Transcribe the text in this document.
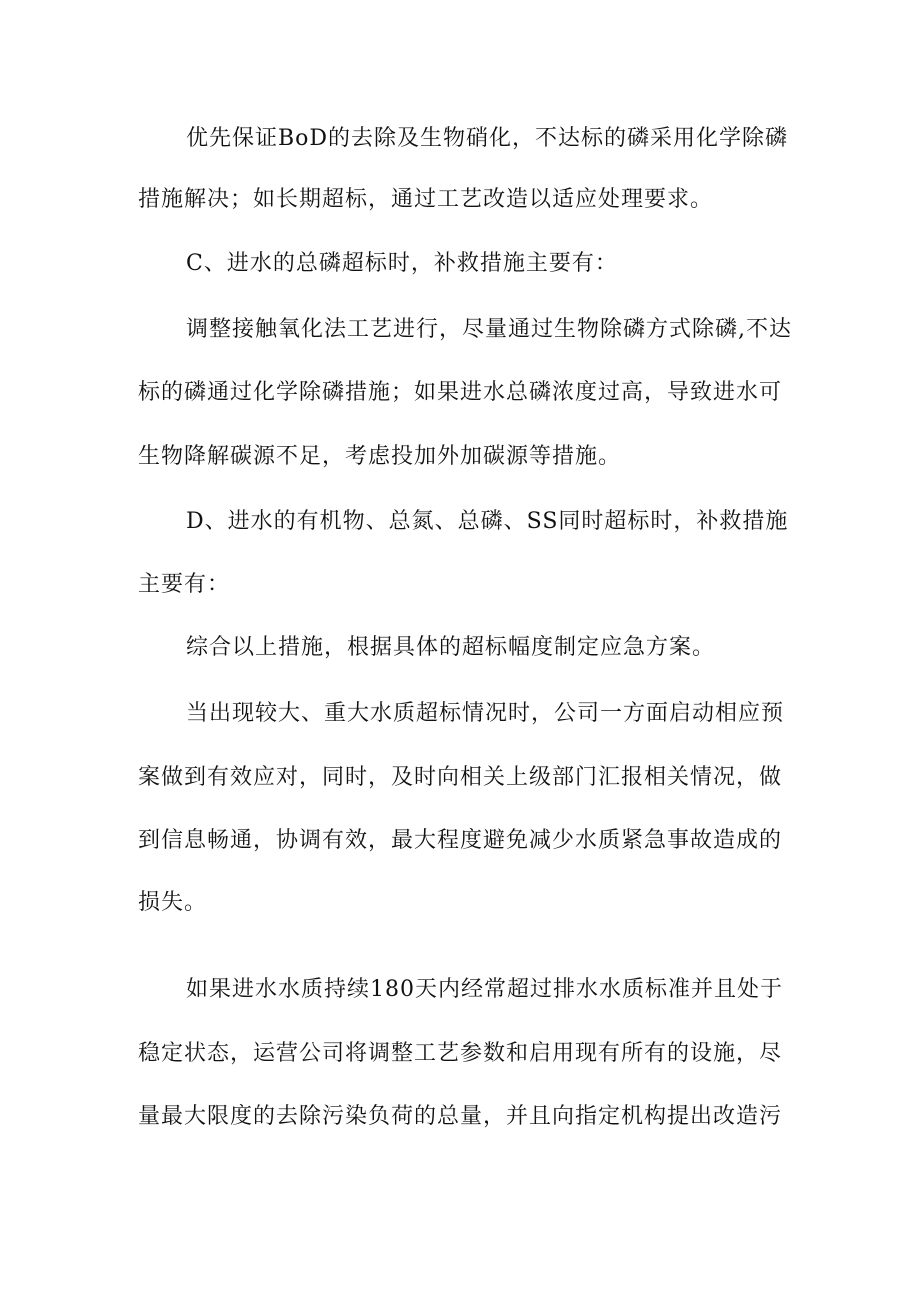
优先保证BoD的去除及生物硝化，不达标的磷采用化学除磷

措施解决；如长期超标，通过工艺改造以适应处理要求。

C、进水的总磷超标时，补救措施主要有：

调整接触氧化法工艺进行，尽量通过生物除磷方式除磷,不达

标的磷通过化学除磷措施；如果进水总磷浓度过高，导致进水可

生物降解碳源不足，考虑投加外加碳源等措施。

D、进水的有机物、总氮、总磷、SS同时超标时，补救措施

主要有：

综合以上措施，根据具体的超标幅度制定应急方案。

当出现较大、重大水质超标情况时，公司一方面启动相应预

案做到有效应对，同时，及时向相关上级部门汇报相关情况，做

到信息畅通，协调有效，最大程度避免减少水质紧急事故造成的

损失。

如果进水水质持续180天内经常超过排水水质标准并且处于

稳定状态，运营公司将调整工艺参数和启用现有所有的设施，尽

量最大限度的去除污染负荷的总量，并且向指定机构提出改造污
